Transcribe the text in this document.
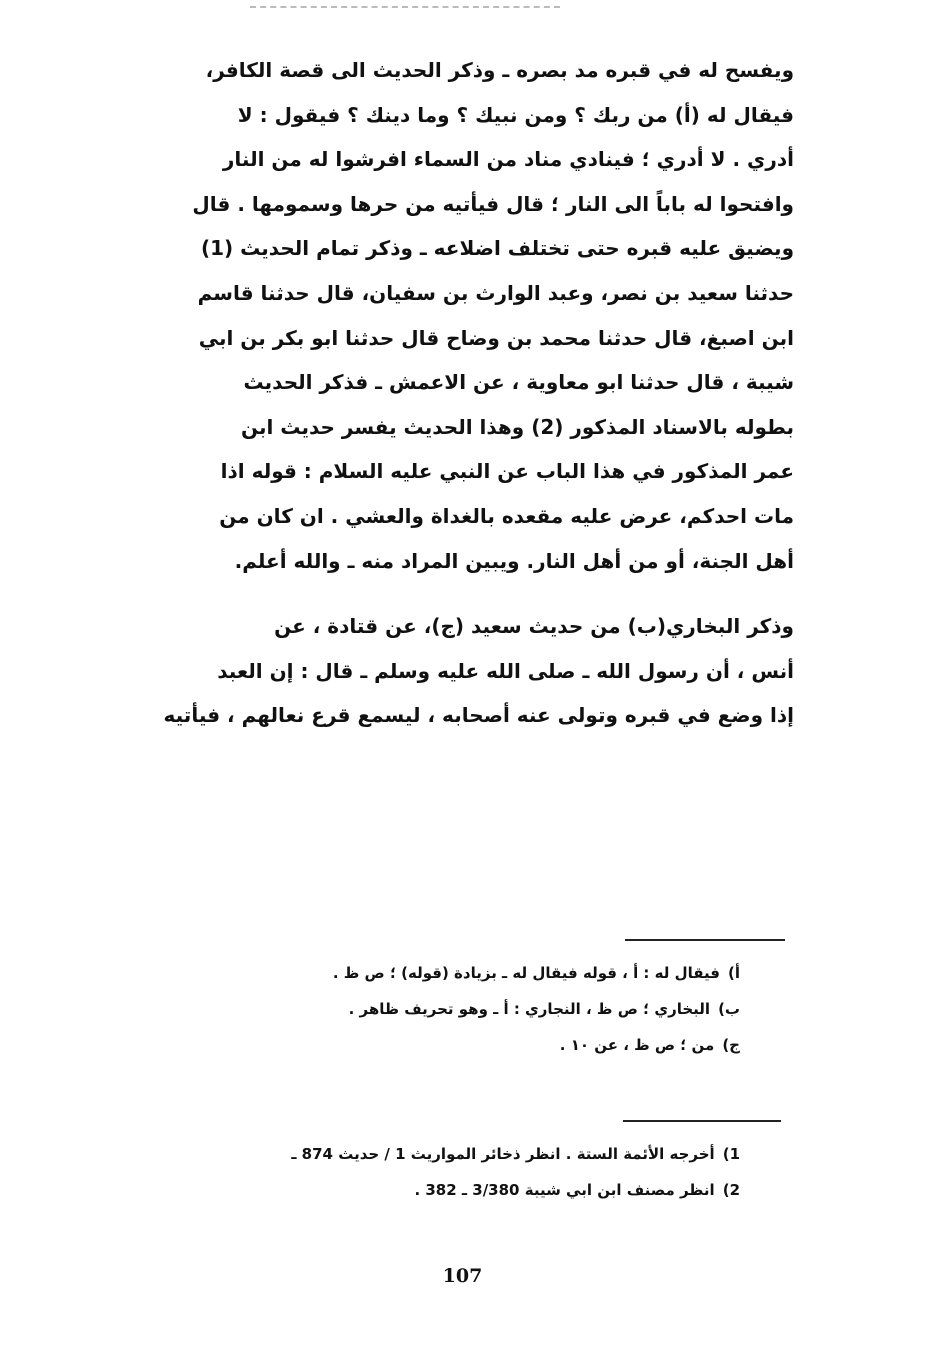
ويفسح له في قبره مد بصره ـ وذكر الحديث الى قصة الكافر،
فيقال له (أ) من ربك ؟ ومن نبيك ؟ وما دينك ؟ فيقول : لا
أدري . لا أدري ؛ فينادي مناد من السماء افرشوا له من النار
وافتحوا له باباً الى النار ؛ قال فيأتيه من حرها وسمومها . قال
ويضيق عليه قبره حتى تختلف اضلاعه ـ وذكر تمام الحديث (1)
حدثنا سعيد بن نصر، وعبد الوارث بن سفيان، قال حدثنا قاسم
ابن اصبغ، قال حدثنا محمد بن وضاح قال حدثنا ابو بكر بن ابي
شيبة ، قال حدثنا ابو معاوية ، عن الاعمش ـ فذكر الحديث
بطوله بالاسناد المذكور (2) وهذا الحديث يفسر حديث ابن
عمر المذكور في هذا الباب عن النبي عليه السلام : قوله اذا
مات احدكم، عرض عليه مقعده بالغداة والعشي . ان كان من
أهل الجنة، أو من أهل النار. ويبين المراد منه ـ والله أعلم.
وذكر البخاري(ب) من حديث سعيد (ج)، عن قتادة ، عن
أنس ، أن رسول الله ـ صلى الله عليه وسلم ـ قال : إن العبد
إذا وضع في قبره وتولى عنه أصحابه ، ليسمع قرع نعالهم ، فيأتيه
أ)فيقال له : أ ، قوله فيقال له ـ بزيادة (قوله) ؛ ص ظ .
ب)البخاري ؛ ص ظ ، النجاري : أ ـ وهو تحريف ظاهر .
ج)من ؛ ص ظ ، عن ١٠ .
1)أخرجه الأئمة الستة . انظر ذخائر المواريث 1 / حديث 874 ـ
2)انظر مصنف ابن ابي شيبة 3/380 ـ 382 .
107
